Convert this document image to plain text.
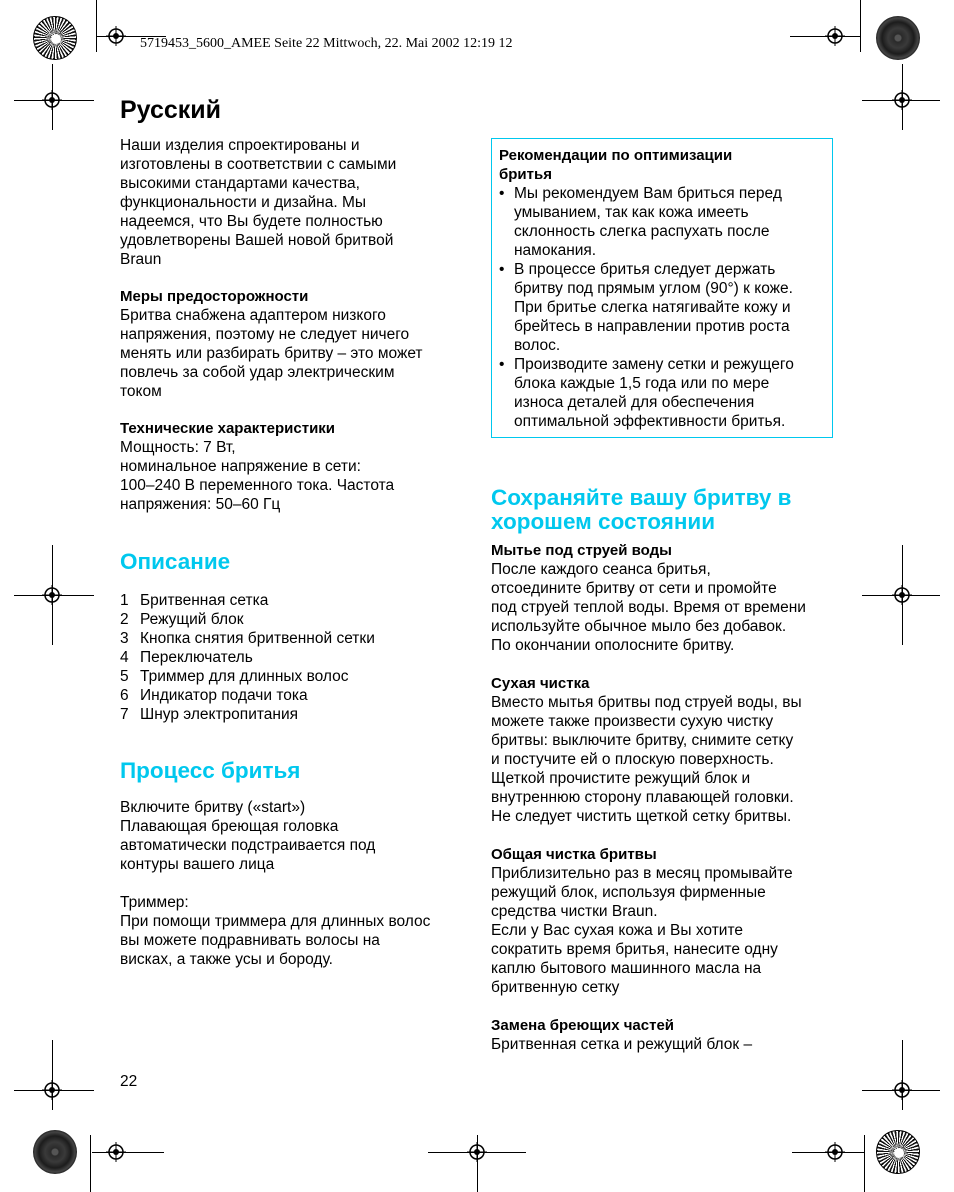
5719453_5600_AMEE Seite 22 Mittwoch, 22. Mai 2002 12:19 12
Русский

Наши изделия спроектированы и
изготовлены в соответствии с самыми
высокими стандартами качества,
функциональности и дизайна. Мы
надеемся, что Вы будете полностью
удовлетворены Вашей новой бритвой
Braun

Меры предосторожности

Бритва снабжена адаптером низкого
напряжения, поэтому не следует ничего
менять или разбирать бритву – это может
повлечь за собой удар электрическим
током

Технические характеристики

Мощность: 7 Вт,
номинальное напряжение в сети:
100–240 В переменного тока. Частота
напряжения: 50–60 Гц

Описание
1 Бритвенная сетка
2 Режущий блок
3 Кнопка снятия бритвенной сетки
4 Переключатель
5 Триммер для длинных волос
6 Индикатор подачи тока
7 Шнур электропитания
Процесс бритья

Включите бритву («start»)
Плавающая бреющая головка
автоматически подстраивается под
контуры вашего лица

Триммер:

При помощи триммера для длинных волос
вы можете подравнивать волосы на
висках, а также усы и бороду.

22

Рекомендации по оптимизации
бритья

• Мы рекомендуем Вам бриться перед
умыванием, так как кожа имееть
склонность слегка распухать после
намокания.
• В процессе бритья следует держать
бритву под прямым углом (90°) к коже.
При бритье слегка натягивайте кожу и
брейтесь в направлении против роста
волос.
• Производите замену сетки и режущего
блока каждые 1,5 года или по мере
износа деталей для обеспечения
оптимальной эффективности бритья.
Сохраняйте вашу бритву в
хорошем состоянии

Мытье под струей воды

После каждого сеанса бритья,
отсоедините бритву от сети и промойте
под струей теплой воды. Время от времени
используйте обычное мыло без добавок.
По окончании ополосните бритву.

Сухая чистка

Вместо мытья бритвы под струей воды, вы
можете также произвести сухую чистку
бритвы: выключите бритву, снимите сетку
и постучите ей о плоскую поверхность.
Щеткой прочистите режущий блок и
внутреннюю сторону плавающей головки.
Не следует чистить щеткой сетку бритвы.

Общая чистка бритвы

Приблизительно раз в месяц промывайте
режущий блок, используя фирменные
средства чистки Braun.
Если у Вас сухая кожа и Вы хотите
сократить время бритья, нанесите одну
каплю бытового машинного масла на
бритвенную сетку

Замена бреющих частей

Бритвенная сетка и режущий блок –
